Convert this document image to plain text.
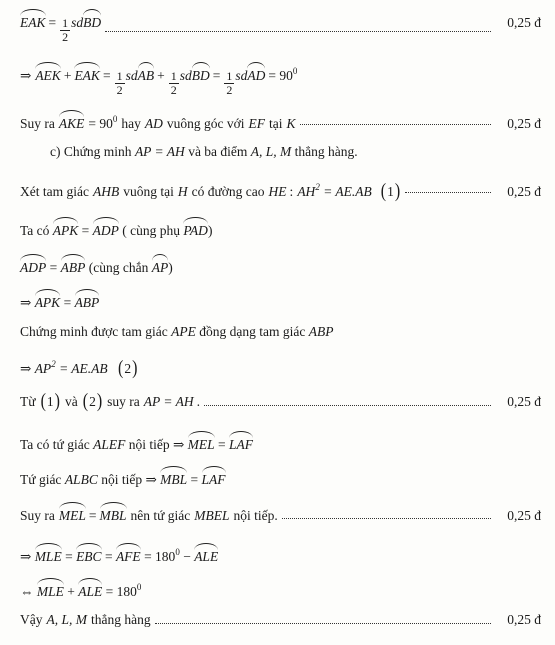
EAK = $\frac{1}{2}$ sd BD	0,25 đ
⇒ AEK + EAK = $\frac{1}{2}$ sd AB + $\frac{1}{2}$ sd BD = $\frac{1}{2}$ sd AD = $90^0$
Suy ra AKE = $90^0$ hay AD vuông góc với EF tại K	0,25 đ
c) Chứng minh AP = AH và ba điểm A, L, M thẳng hàng.
Xét tam giác AHB vuông tại H có đường cao HE : $AH^2 = AE.AB$ (1)	0,25 đ
Ta có APK = ADP ( cùng phụ PAD)
ADP = ABP (cùng chắn AP)
⇒ APK = ABP
Chứng minh được tam giác APE đồng dạng tam giác ABP
⇒ $AP^2 = AE.AB$ (2)
Từ (1) và (2) suy ra AP = AH .	0,25 đ
Ta có tứ giác ALEF nội tiếp ⇒ MEL = LAF
Tứ giác ALBC nội tiếp ⇒ MBL = LAF
Suy ra MEL = MBL nên tứ giác MBEL nội tiếp.	0,25 đ
⇒ MLE = EBC = AFE = $180^0$ − ALE
⇔ MLE + ALE = $180^0$
Vậy A, L, M thẳng hàng	0,25 đ
